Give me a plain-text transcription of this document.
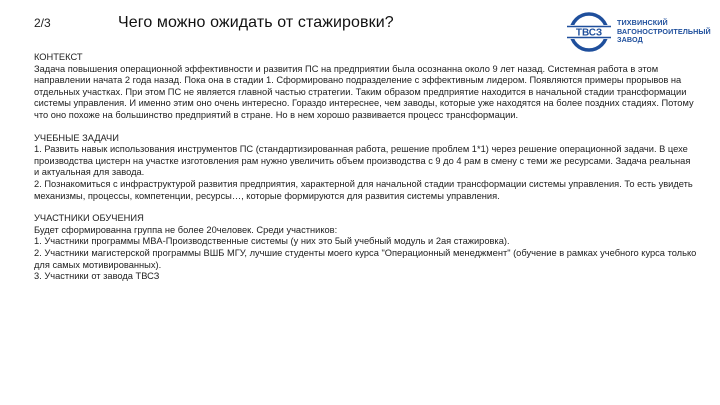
2/3	Чего можно ожидать от стажировки?
ТВСЗ
ТИХВИНСКИЙ
ВАГОНОСТРОИТЕЛЬНЫЙ
ЗАВОД
КОНТЕКСТ
Задача повышения операционной эффективности и развития ПС на предприятии была осознанна около 9 лет назад. Системная работа в этом направлении начата 2 года назад. Пока она в стадии 1. Сформировано подразделение с эффективным лидером. Появляются примеры прорывов на отдельных участках. При этом ПС не является главной частью стратегии. Таким образом предприятие находится в начальной стадии трансформации системы управления. И именно этим оно очень интересно. Гораздо интереснее, чем заводы, которые уже находятся на более поздних стадиях. Потому что оно похоже на большинство предприятий в стране. Но в нем хорошо развивается процесс трансформации.
УЧЕБНЫЕ ЗАДАЧИ
1. Развить навык использования инструментов ПС (стандартизированная работа, решение проблем 1*1) через решение операционной задачи. В цехе производства цистерн на участке изготовления рам нужно увеличить объем производства с 9 до 4 рам в смену с теми же ресурсами. Задача реальная и актуальная для завода.
2. Познакомиться с инфраструктурой развития предприятия, характерной для начальной стадии трансформации системы управления. То есть увидеть механизмы, процессы, компетенции, ресурсы…, которые формируются для развития системы управления.
УЧАСТНИКИ ОБУЧЕНИЯ
Будет сформированна группа не более 20человек. Среди участников:
1. Участники программы MBA-Производственные системы (у них это 5ый учебный модуль и 2ая стажировка).
2. Участники магистерской программы ВШБ МГУ, лучшие студенты моего курса "Операционный менеджмент" (обучение в рамках учебного курса только для самых мотивированных).
3. Участники от завода ТВСЗ
